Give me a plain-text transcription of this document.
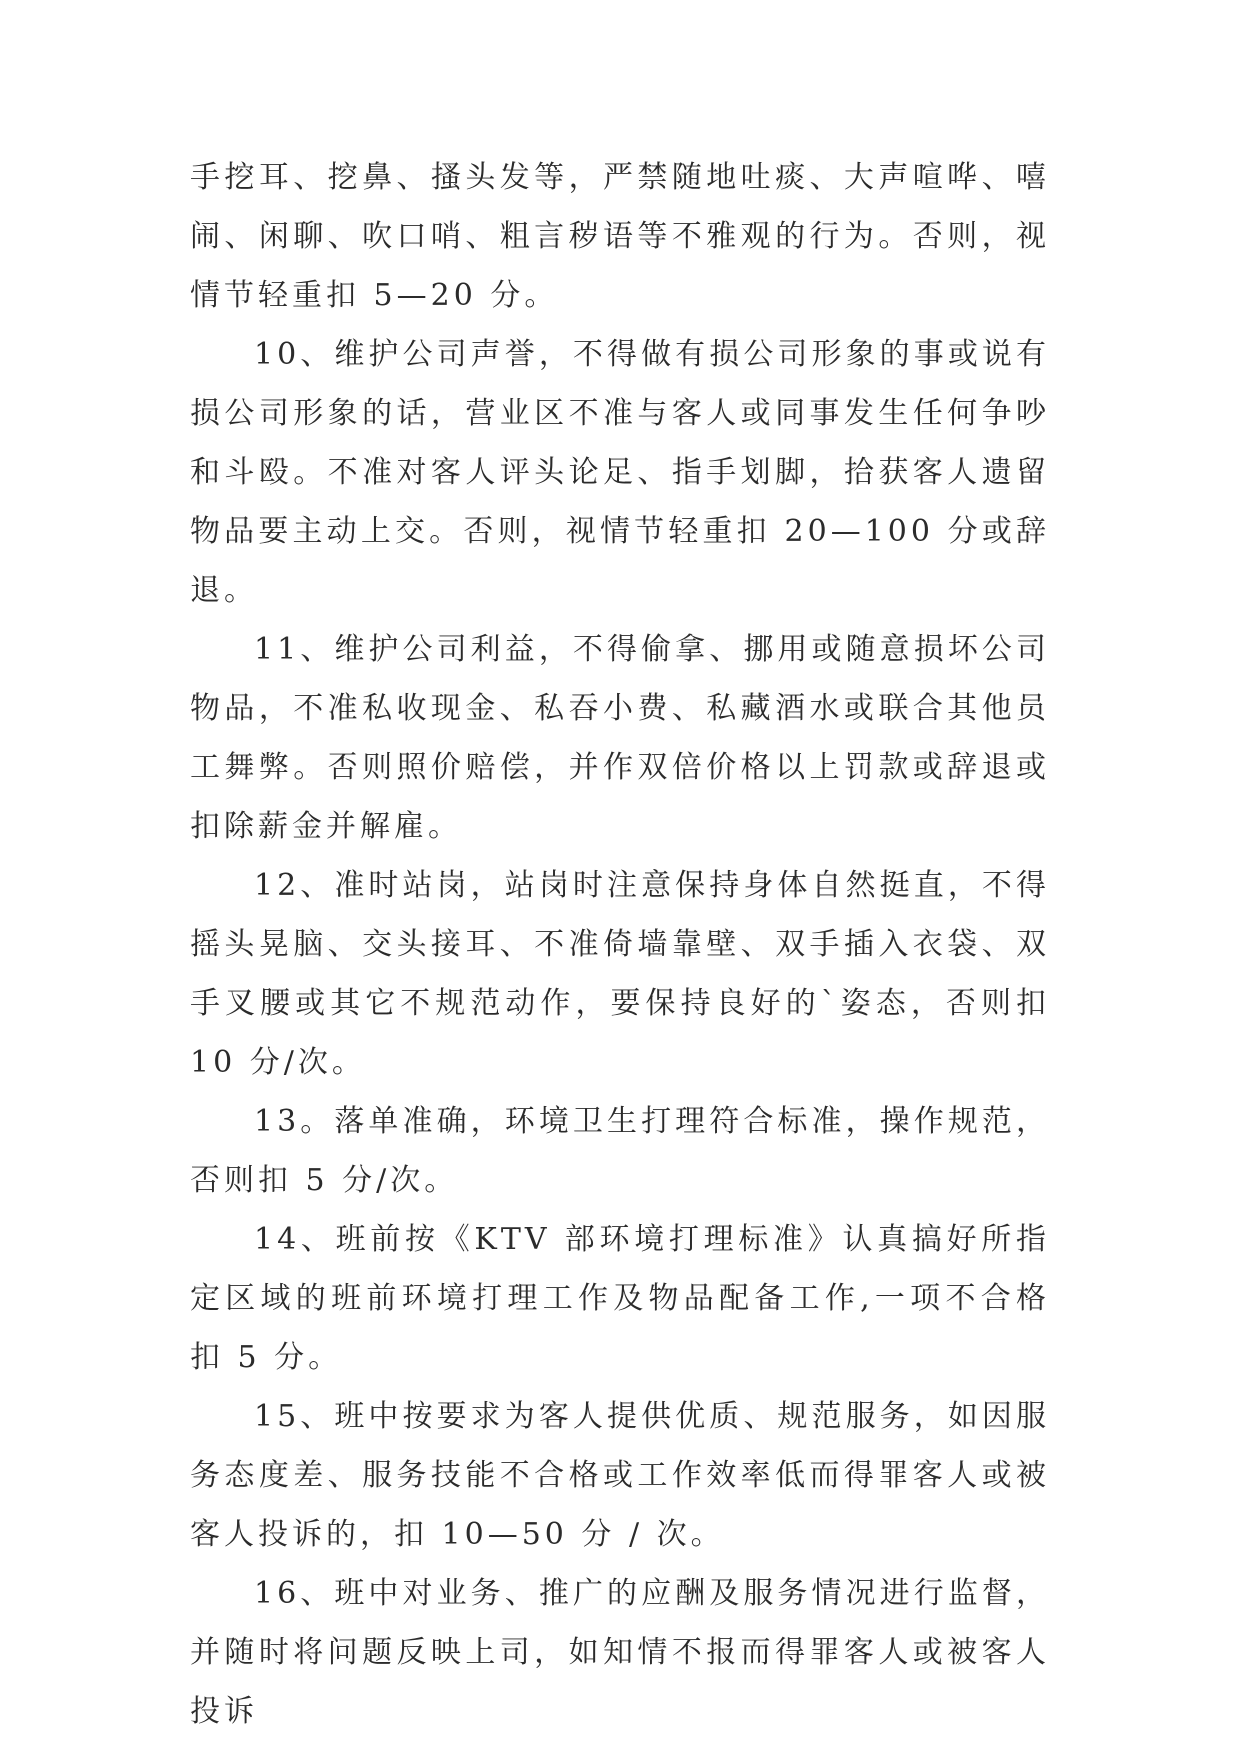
手挖耳、挖鼻、搔头发等，严禁随地吐痰、大声喧哗、嘻闹、闲聊、吹口哨、粗言秽语等不雅观的行为。否则，视情节轻重扣 5—20 分。

10、维护公司声誉，不得做有损公司形象的事或说有损公司形象的话，营业区不准与客人或同事发生任何争吵和斗殴。不准对客人评头论足、指手划脚，拾获客人遗留物品要主动上交。否则，视情节轻重扣 20—100 分或辞退。

11、维护公司利益，不得偷拿、挪用或随意损坏公司物品，不准私收现金、私吞小费、私藏酒水或联合其他员工舞弊。否则照价赔偿，并作双倍价格以上罚款或辞退或扣除薪金并解雇。

12、准时站岗，站岗时注意保持身体自然挺直，不得摇头晃脑、交头接耳、不准倚墙靠壁、双手插入衣袋、双手叉腰或其它不规范动作，要保持良好的`姿态，否则扣 10 分/次。

13。落单准确，环境卫生打理符合标准，操作规范，否则扣 5 分/次。

14、班前按《KTV 部环境打理标准》认真搞好所指定区域的班前环境打理工作及物品配备工作,一项不合格扣 5 分。

15、班中按要求为客人提供优质、规范服务，如因服务态度差、服务技能不合格或工作效率低而得罪客人或被客人投诉的，扣 10—50 分 / 次。

16、班中对业务、推广的应酬及服务情况进行监督，并随时将问题反映上司，如知情不报而得罪客人或被客人投诉
